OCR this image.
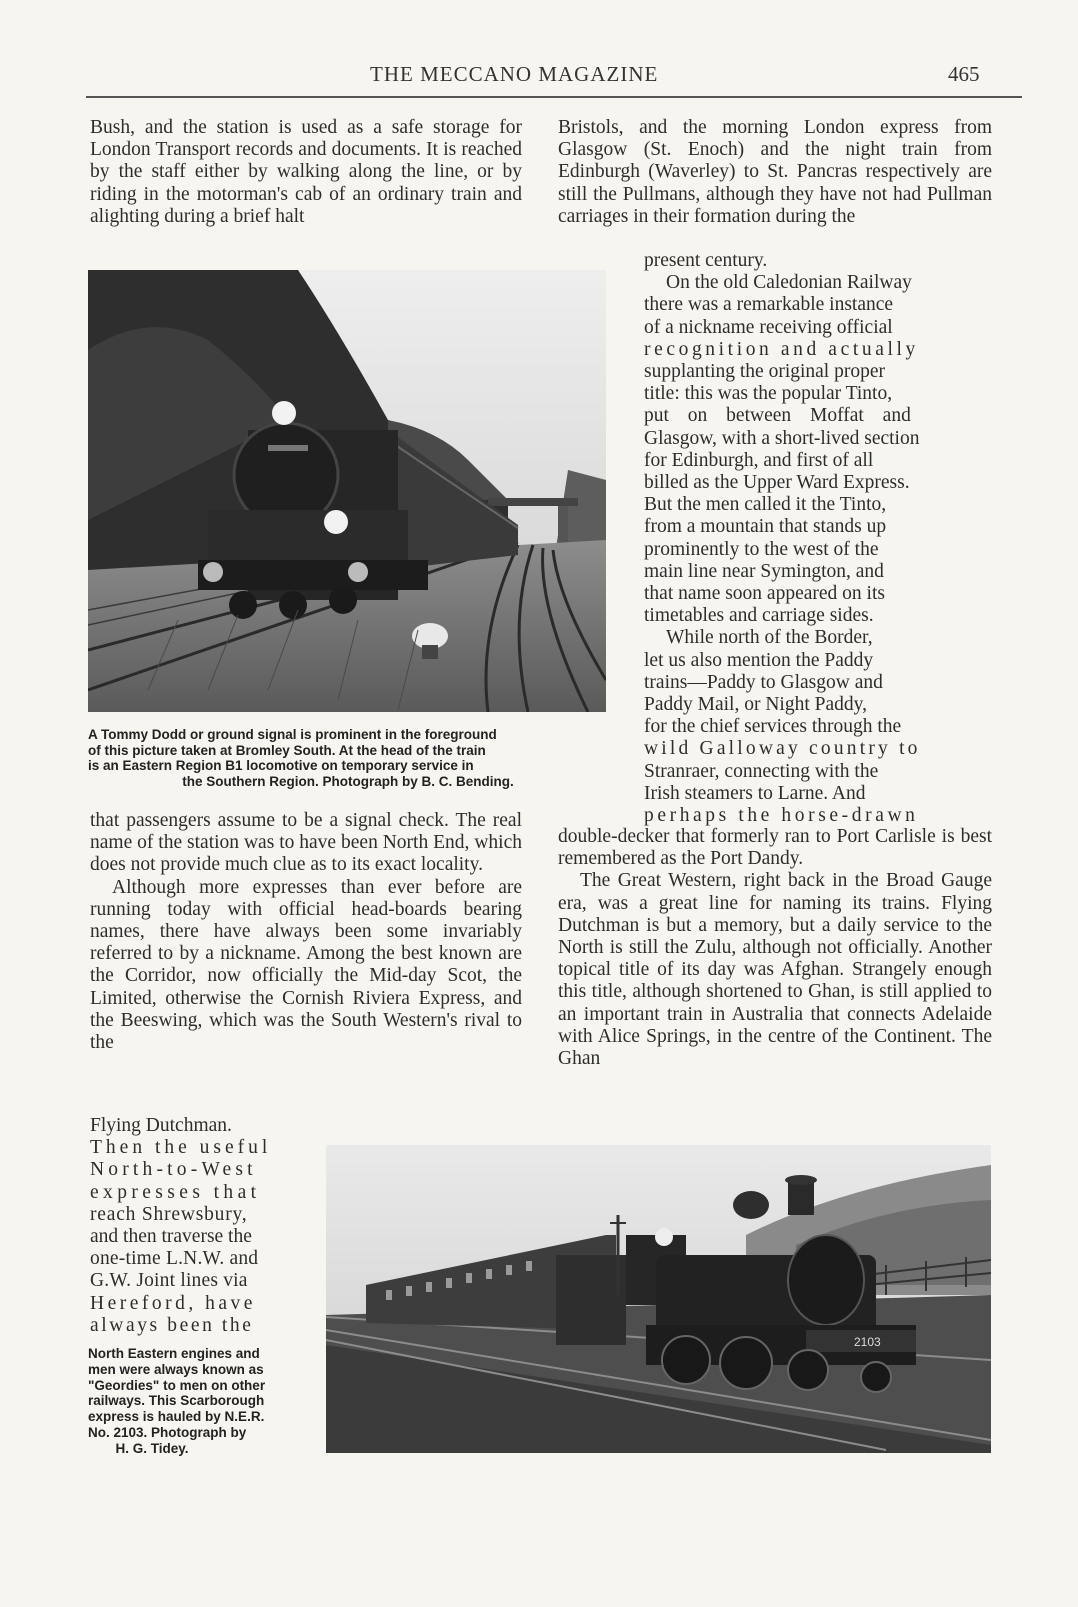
THE MECCANO MAGAZINE	465

Bush, and the station is used as a safe storage for London Transport records and documents. It is reached by the staff either by walking along the line, or by riding in the motorman's cab of an ordinary train and alighting during a brief halt

A Tommy Dodd or ground signal is prominent in the foreground
of this picture taken at Bromley South. At the head of the train
is an Eastern Region B1 locomotive on temporary service in
the Southern Region. Photograph by B. C. Bending.

that passengers assume to be a signal check. The real name of the station was to have been North End, which does not provide much clue as to its exact locality.

Although more expresses than ever before are running today with official head-boards bearing names, there have always been some invariably referred to by a nickname. Among the best known are the Corridor, now officially the Mid-day Scot, the Limited, otherwise the Cornish Riviera Express, and the Beeswing, which was the South Western's rival to the

Flying Dutchman.
Then the useful
North-to-West
expresses that
reach Shrewsbury,
and then traverse the
one-time L.N.W. and
G.W. Joint lines via
Hereford, have
always been the
North Eastern engines and
men were always known as
"Geordies" to men on other
railways. This Scarborough
express is hauled by N.E.R.
No. 2103. Photograph by
H. G. Tidey.
2103

Bristols, and the morning London express from Glasgow (St. Enoch) and the night train from Edinburgh (Waverley) to St. Pancras respectively are still the Pullmans, although they have not had Pullman carriages in their formation during the

present century.
On the old Caledonian Railway
there was a remarkable instance
of a nickname receiving official
recognition and actually
supplanting the original proper
title: this was the popular Tinto,
put on between Moffat and
Glasgow, with a short-lived section
for Edinburgh, and first of all
billed as the Upper Ward Express.
But the men called it the Tinto,
from a mountain that stands up
prominently to the west of the
main line near Symington, and
that name soon appeared on its
timetables and carriage sides.
While north of the Border,
let us also mention the Paddy
trains—Paddy to Glasgow and
Paddy Mail, or Night Paddy,
for the chief services through the
wild Galloway country to
Stranraer, connecting with the
Irish steamers to Larne. And
perhaps the horse-drawn

double-decker that formerly ran to Port Carlisle is best remembered as the Port Dandy.

The Great Western, right back in the Broad Gauge era, was a great line for naming its trains. Flying Dutchman is but a memory, but a daily service to the North is still the Zulu, although not officially. Another topical title of its day was Afghan. Strangely enough this title, although shortened to Ghan, is still applied to an important train in Australia that connects Adelaide with Alice Springs, in the centre of the Continent. The Ghan
